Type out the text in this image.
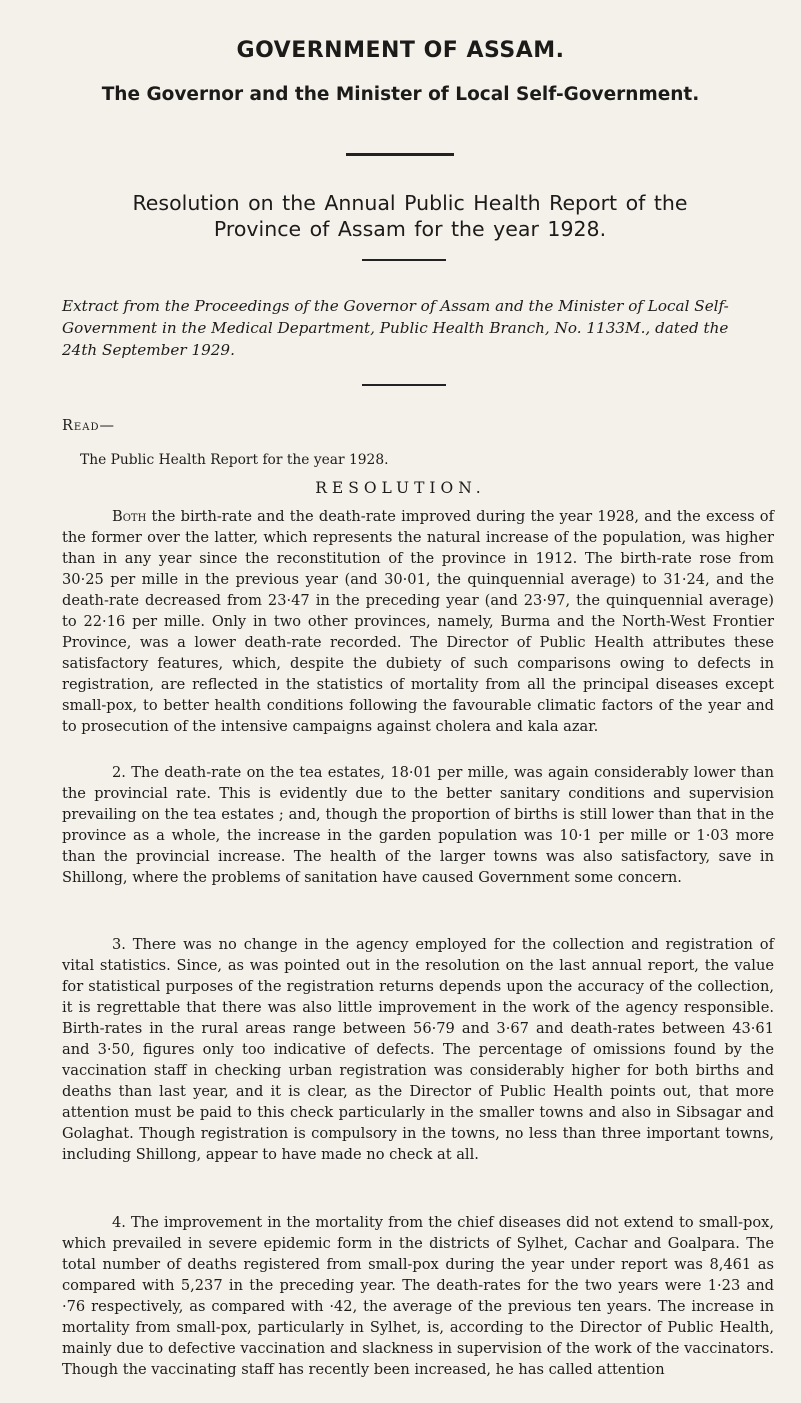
GOVERNMENT OF ASSAM.
The Governor and the Minister of Local Self-Government.
Resolution on the Annual Public Health Report of the
Province of Assam for the year 1928.
Extract from the Proceedings of the Governor of Assam and the Minister of Local Self-Government in the Medical Department, Public Health Branch, No. 1133M., dated the 24th September 1929.
Read—
The Public Health Report for the year 1928.
RESOLUTION.
Both the birth-rate and the death-rate improved during the year 1928, and the excess of the former over the latter, which represents the natural increase of the population, was higher than in any year since the reconstitution of the province in 1912. The birth-rate rose from 30·25 per mille in the previous year (and 30·01, the quinquennial average) to 31·24, and the death-rate decreased from 23·47 in the preceding year (and 23·97, the quinquennial average) to 22·16 per mille. Only in two other provinces, namely, Burma and the North-West Frontier Province, was a lower death-rate recorded. The Director of Public Health attributes these satisfactory features, which, despite the dubiety of such comparisons owing to defects in registration, are reflected in the statistics of mortality from all the principal diseases except small-pox, to better health conditions following the favourable climatic factors of the year and to prosecution of the intensive campaigns against cholera and kala azar.
2. The death-rate on the tea estates, 18·01 per mille, was again considerably lower than the provincial rate. This is evidently due to the better sanitary conditions and supervision prevailing on the tea estates ; and, though the proportion of births is still lower than that in the province as a whole, the increase in the garden population was 10·1 per mille or 1·03 more than the provincial increase. The health of the larger towns was also satisfactory, save in Shillong, where the problems of sanitation have caused Government some concern.
3. There was no change in the agency employed for the collection and registration of vital statistics. Since, as was pointed out in the resolution on the last annual report, the value for statistical purposes of the registration returns depends upon the accuracy of the collection, it is regrettable that there was also little improvement in the work of the agency responsible. Birth-rates in the rural areas range between 56·79 and 3·67 and death-rates between 43·61 and 3·50, figures only too indicative of defects. The percentage of omissions found by the vaccination staff in checking urban registration was considerably higher for both births and deaths than last year, and it is clear, as the Director of Public Health points out, that more attention must be paid to this check particularly in the smaller towns and also in Sibsagar and Golaghat. Though registration is compulsory in the towns, no less than three important towns, including Shillong, appear to have made no check at all.
4. The improvement in the mortality from the chief diseases did not extend to small-pox, which prevailed in severe epidemic form in the districts of Sylhet, Cachar and Goalpara. The total number of deaths registered from small-pox during the year under report was 8,461 as compared with 5,237 in the preceding year. The death-rates for the two years were 1·23 and ·76 respectively, as compared with ·42, the average of the previous ten years. The increase in mortality from small-pox, particularly in Sylhet, is, according to the Director of Public Health, mainly due to defective vaccination and slackness in supervision of the work of the vaccinators. Though the vaccinating staff has recently been increased, he has called attention
